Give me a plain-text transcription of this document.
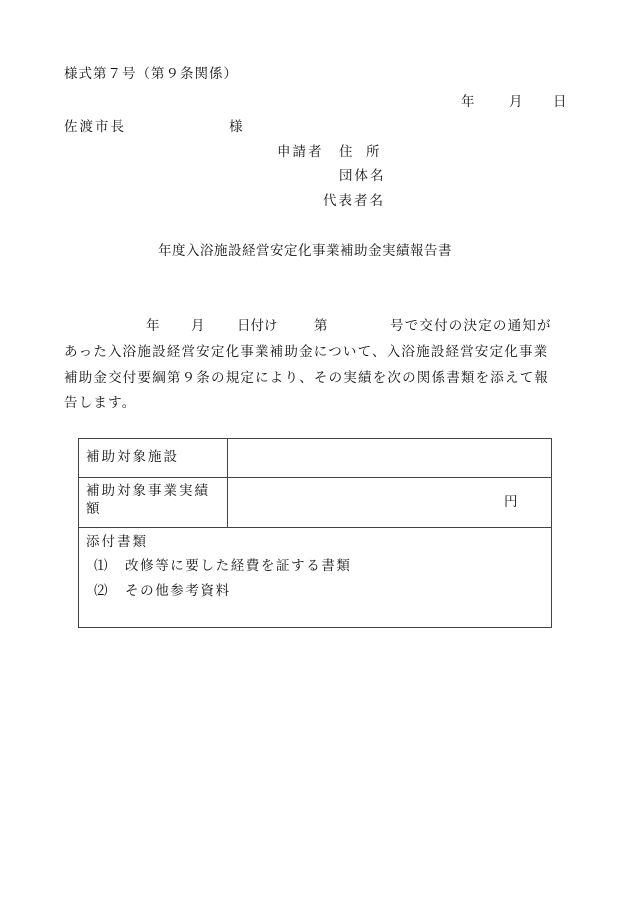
様式第７号（第９条関係）
年	月 日
佐渡市長	様
申請者 住　所
団体名
代表者名
年度入浴施設経営安定化事業補助金実績報告書
年 月 日付け	第	号で交付の決定の通知が
あった入浴施設経営安定化事業補助金について、入浴施設経営安定化事業
補助金交付要綱第９条の規定により、その実績を次の関係書類を添えて報
告します。
補助対象施設
補助対象事業実績
額	円
添付書類
⑴ 改修等に要した経費を証する書類
⑵ その他参考資料
